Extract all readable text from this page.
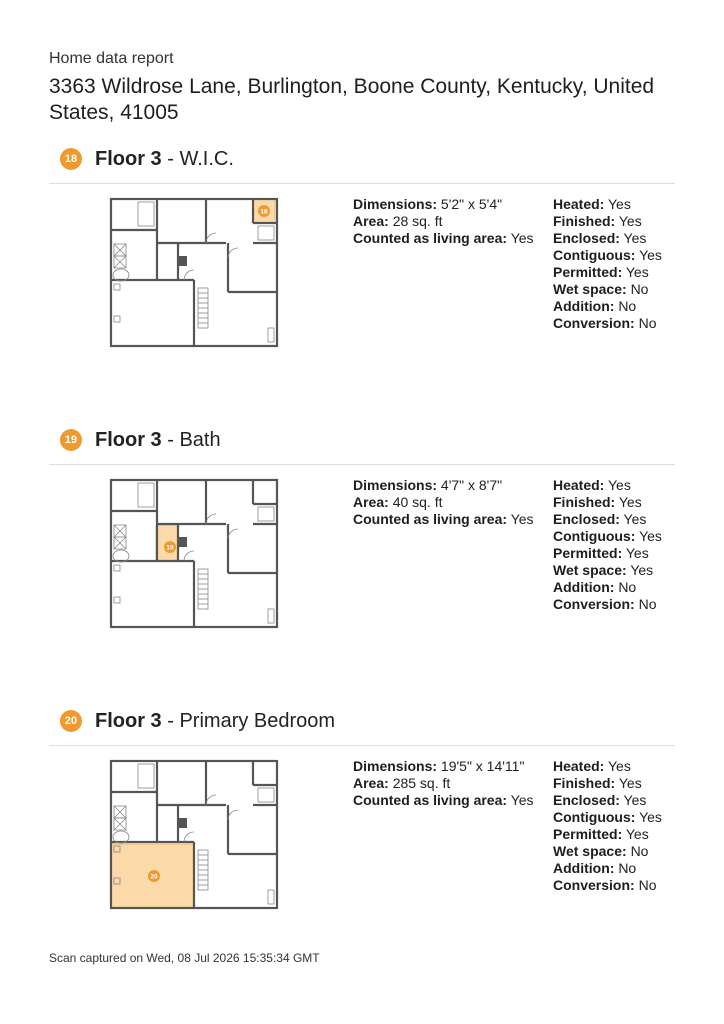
Home data report
3363 Wildrose Lane, Burlington, Boone County, Kentucky, United States, 41005
18 Floor 3 - W.I.C.
18	Dimensions: 5'2" x 5'4"
Area: 28 sq. ft
Counted as living area: Yes
Heated: Yes
Finished: Yes
Enclosed: Yes
Contiguous: Yes
Permitted: Yes
Wet space: No
Addition: No
Conversion: No
19 Floor 3 - Bath
19
Dimensions: 4'7" x 8'7"
Area: 40 sq. ft
Counted as living area: Yes
Heated: Yes
Finished: Yes
Enclosed: Yes
Contiguous: Yes
Permitted: Yes
Wet space: Yes
Addition: No
Conversion: No
20 Floor 3 - Primary Bedroom
20
Dimensions: 19'5" x 14'11"
Area: 285 sq. ft
Counted as living area: Yes
Heated: Yes
Finished: Yes
Enclosed: Yes
Contiguous: Yes
Permitted: Yes
Wet space: No
Addition: No
Conversion: No
Scan captured on Wed, 08 Jul 2026 15:35:34 GMT
